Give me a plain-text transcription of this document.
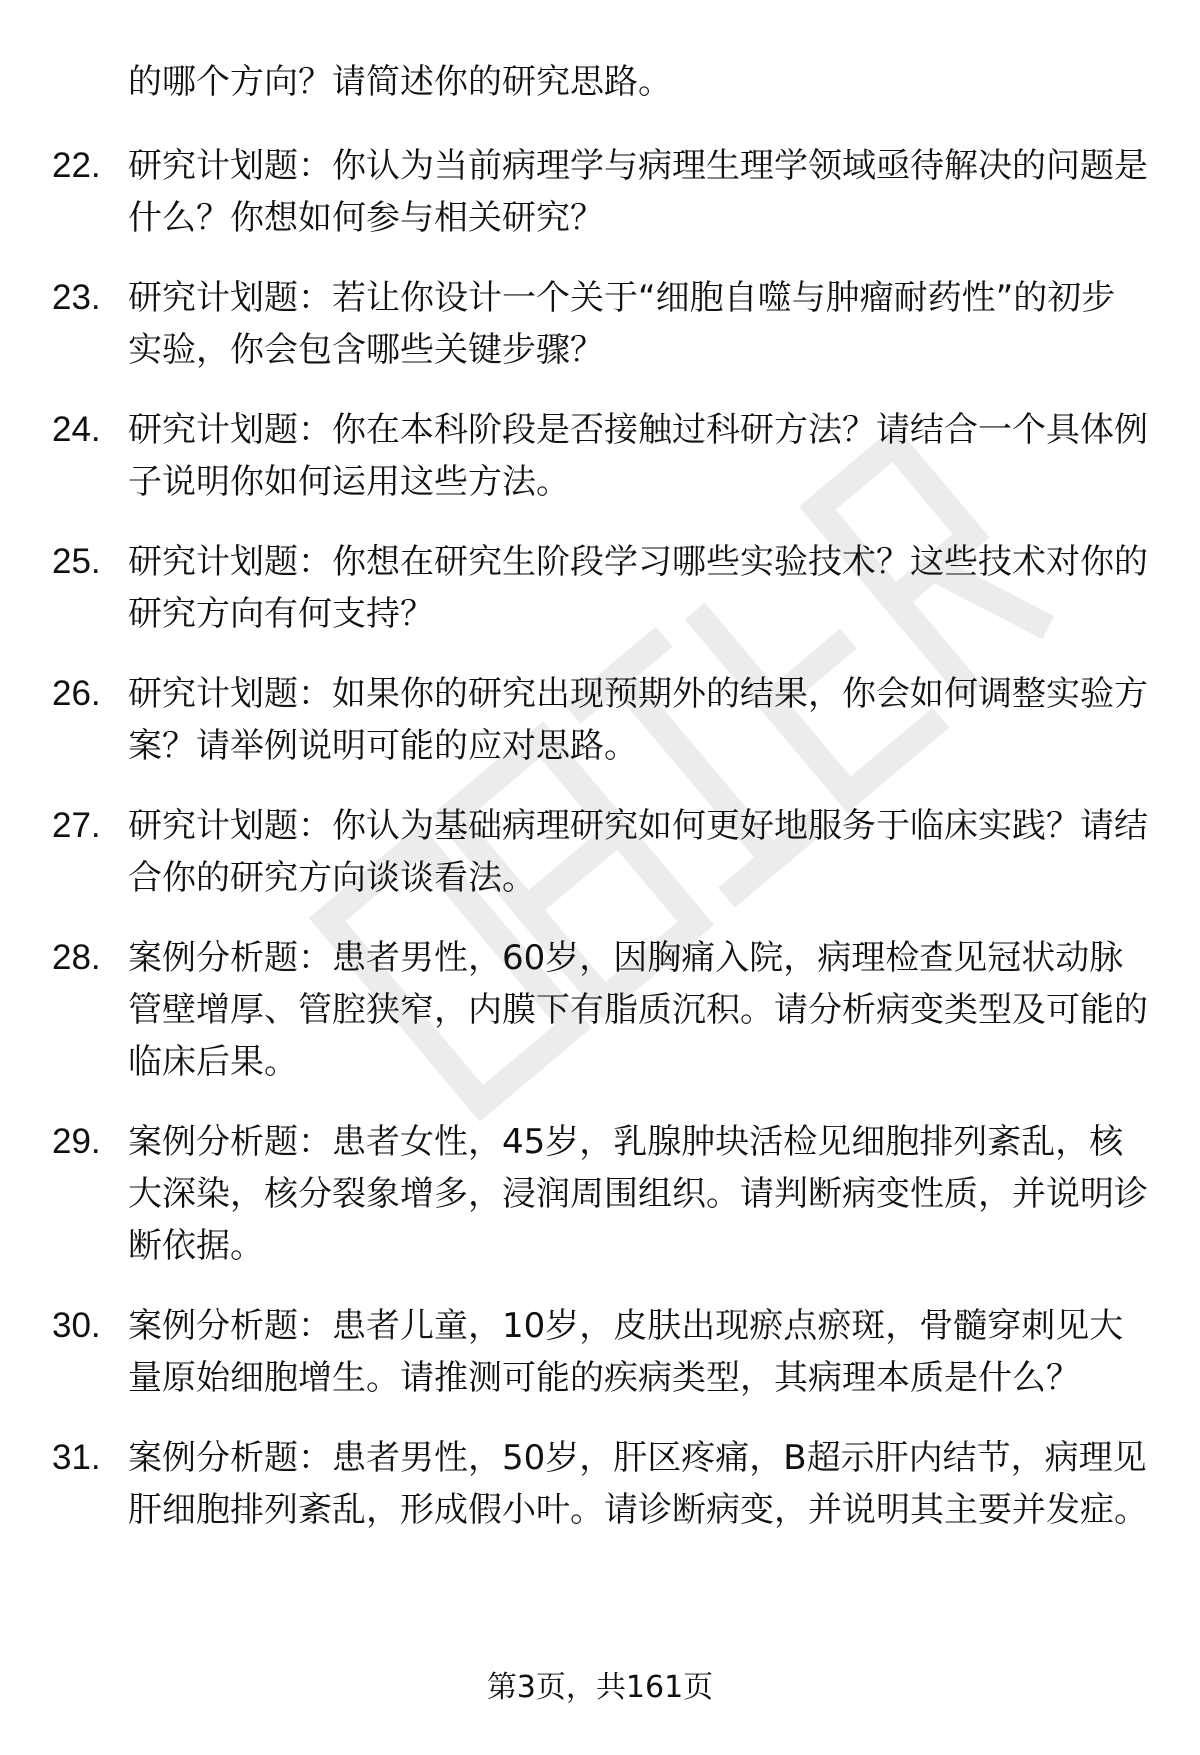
的哪个方向？请简述你的研究思路。

22. 研究计划题：你认为当前病理学与病理生理学领域亟待解决的问题是什么？你想如何参与相关研究？
23. 研究计划题：若让你设计一个关于“细胞自噬与肿瘤耐药性”的初步实验，你会包含哪些关键步骤？
24. 研究计划题：你在本科阶段是否接触过科研方法？请结合一个具体例子说明你如何运用这些方法。
25. 研究计划题：你想在研究生阶段学习哪些实验技术？这些技术对你的研究方向有何支持？
26. 研究计划题：如果你的研究出现预期外的结果，你会如何调整实验方案？请举例说明可能的应对思路。
27. 研究计划题：你认为基础病理研究如何更好地服务于临床实践？请结合你的研究方向谈谈看法。
28. 案例分析题：患者男性，60岁，因胸痛入院，病理检查见冠状动脉管壁增厚、管腔狭窄，内膜下有脂质沉积。请分析病变类型及可能的临床后果。
29. 案例分析题：患者女性，45岁，乳腺肿块活检见细胞排列紊乱，核大深染，核分裂象增多，浸润周围组织。请判断病变性质，并说明诊断依据。
30. 案例分析题：患者儿童，10岁，皮肤出现瘀点瘀斑，骨髓穿刺见大量原始细胞增生。请推测可能的疾病类型，其病理本质是什么？
31. 案例分析题：患者男性，50岁，肝区疼痛，B超示肝内结节，病理见肝细胞排列紊乱，形成假小叶。请诊断病变，并说明其主要并发症。
第3页，共161页
